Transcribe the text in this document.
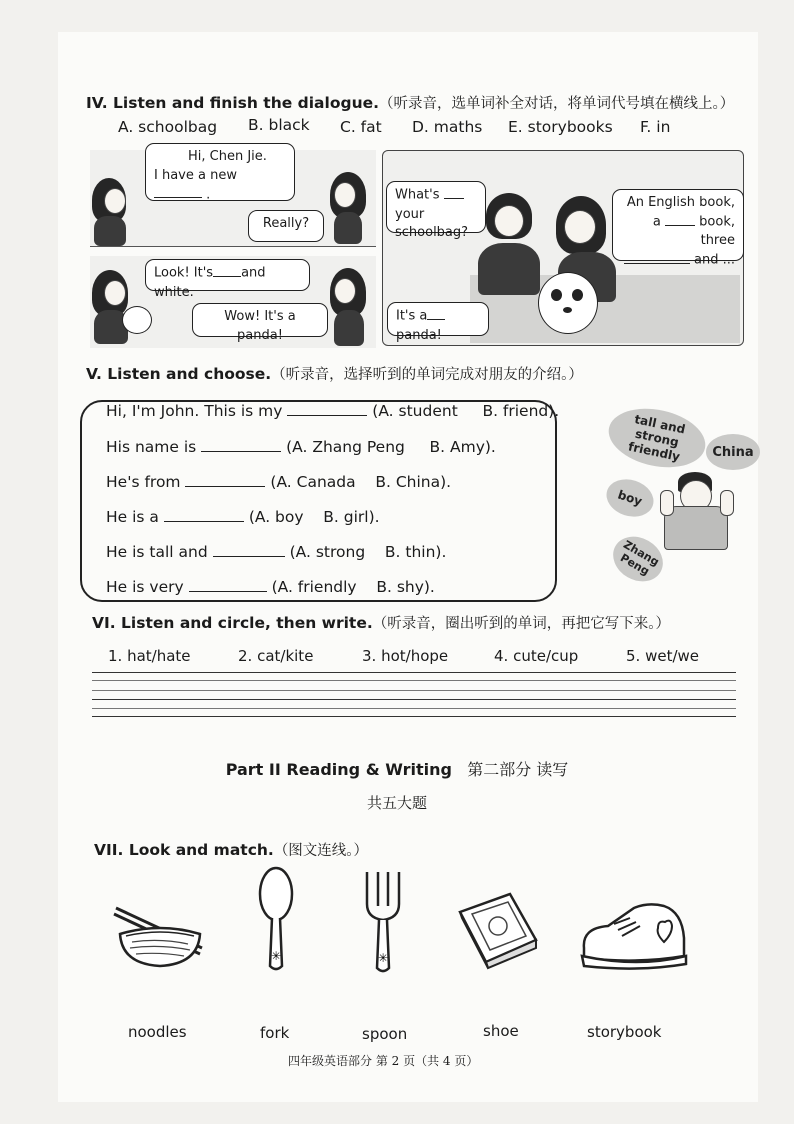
IV. Listen and finish the dialogue.（听录音，选单词补全对话，将单词代号填在横线上。）
A. schoolbag B. black C. fat D. maths E. storybooks F. in
Hi, Chen Jie.
I have a new  .
Really?
Look! It's and white.
Wow! It's a panda!
What's  your
schoolbag?
An English book,
a	book, three
and ...
It's a panda!
V. Listen and choose.（听录音，选择听到的单词完成对朋友的介绍。）
Hi, I'm John. This is my	(A. student B. friend).
His name is	(A. Zhang Peng B. Amy).
He's from	(A. Canada B. China).
He is a	(A. boy B. girl).
He is tall and	(A. strong B. thin).
He is very	(A. friendly B. shy).
tall and strong friendly	China
boy
Zhang Peng
VI. Listen and circle, then write.（听录音，圈出听到的单词，再把它写下来。）
1. hat/hate	2. cat/kite	3. hot/hope	4. cute/cup	5. wet/we
Part II Reading & Writing 第二部分 读写
共五大题
VII. Look and match.（图文连线。）
✳	✳
noodles	fork	spoon	shoe	storybook
四年级英语部分 第 2 页（共 4 页）
